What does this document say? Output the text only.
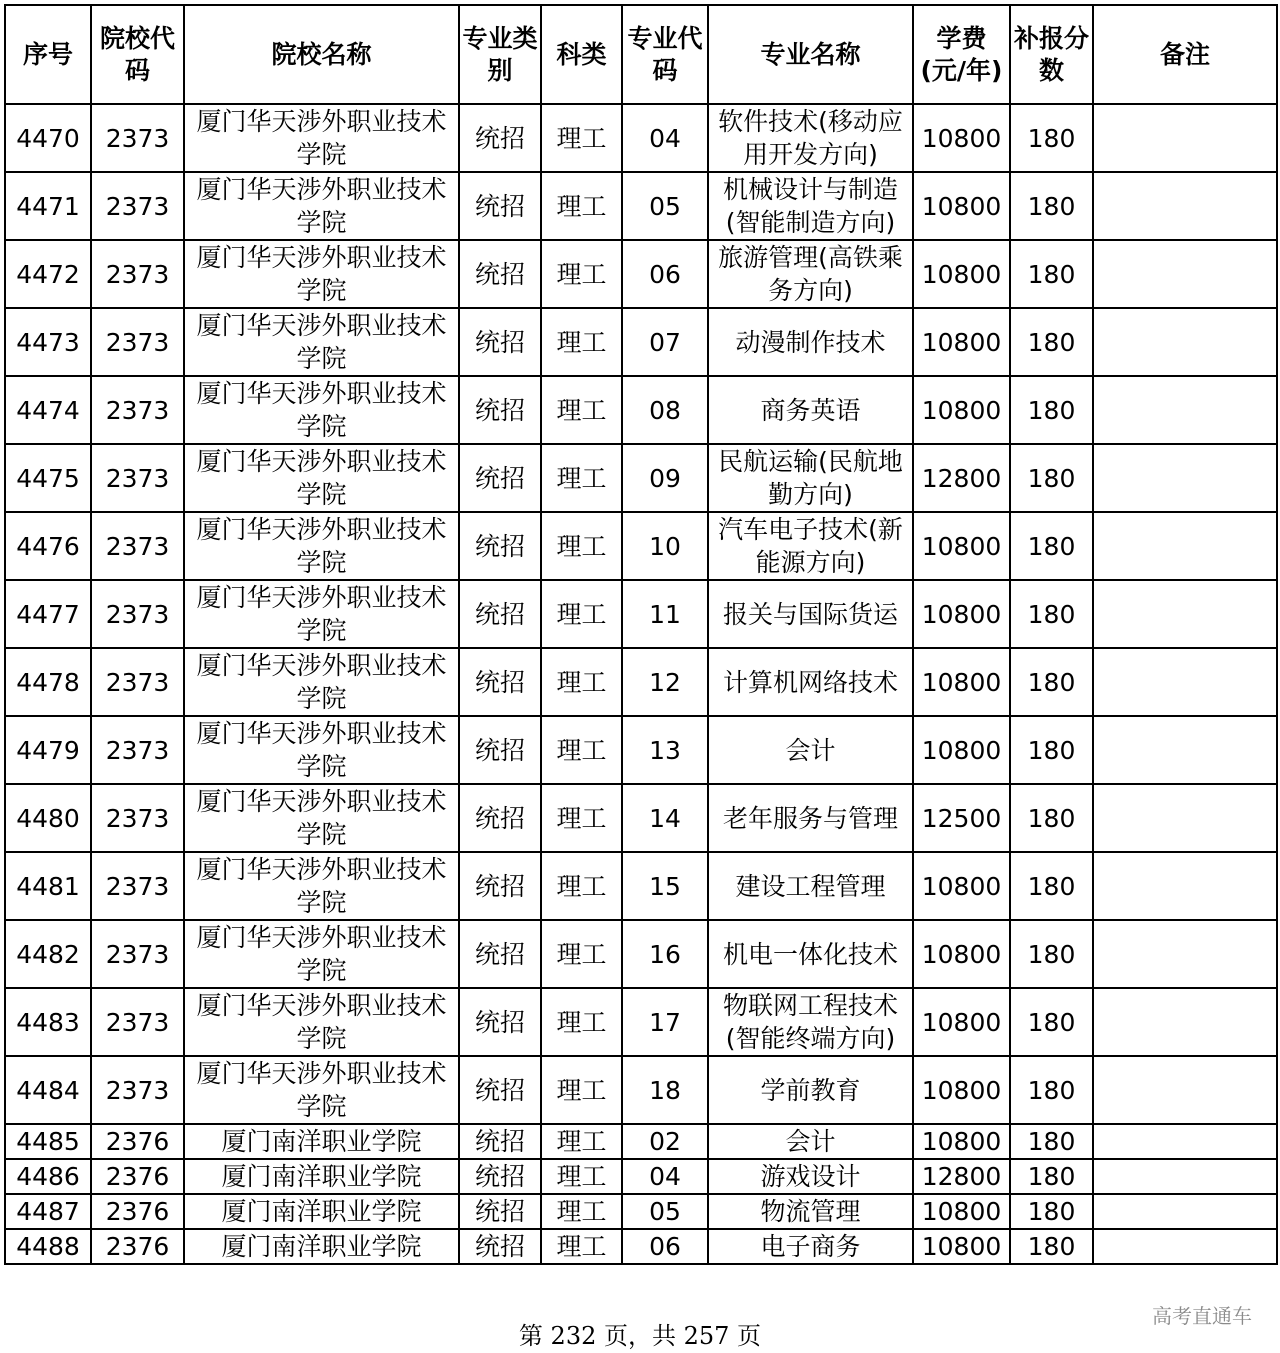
序号	院校代码	院校名称	专业类别	科类	专业代码	专业名称	学费(元/年)	补报分数	备注
4470	2373	厦门华天涉外职业技术学院	统招	理工	04	软件技术(移动应用开发方向)	10800	180	
4471	2373	厦门华天涉外职业技术学院	统招	理工	05	机械设计与制造(智能制造方向)	10800	180	
4472	2373	厦门华天涉外职业技术学院	统招	理工	06	旅游管理(高铁乘务方向)	10800	180	
4473	2373	厦门华天涉外职业技术学院	统招	理工	07	动漫制作技术	10800	180	
4474	2373	厦门华天涉外职业技术学院	统招	理工	08	商务英语	10800	180	
4475	2373	厦门华天涉外职业技术学院	统招	理工	09	民航运输(民航地勤方向)	12800	180	
4476	2373	厦门华天涉外职业技术学院	统招	理工	10	汽车电子技术(新能源方向)	10800	180	
4477	2373	厦门华天涉外职业技术学院	统招	理工	11	报关与国际货运	10800	180	
4478	2373	厦门华天涉外职业技术学院	统招	理工	12	计算机网络技术	10800	180	
4479	2373	厦门华天涉外职业技术学院	统招	理工	13	会计	10800	180	
4480	2373	厦门华天涉外职业技术学院	统招	理工	14	老年服务与管理	12500	180	
4481	2373	厦门华天涉外职业技术学院	统招	理工	15	建设工程管理	10800	180	
4482	2373	厦门华天涉外职业技术学院	统招	理工	16	机电一体化技术	10800	180	
4483	2373	厦门华天涉外职业技术学院	统招	理工	17	物联网工程技术(智能终端方向)	10800	180	
4484	2373	厦门华天涉外职业技术学院	统招	理工	18	学前教育	10800	180	
4485	2376	厦门南洋职业学院	统招	理工	02	会计	10800	180	
4486	2376	厦门南洋职业学院	统招	理工	04	游戏设计	12800	180	
4487	2376	厦门南洋职业学院	统招	理工	05	物流管理	10800	180	
4488	2376	厦门南洋职业学院	统招	理工	06	电子商务	10800	180	
第 232 页，共 257 页
高考直通车
